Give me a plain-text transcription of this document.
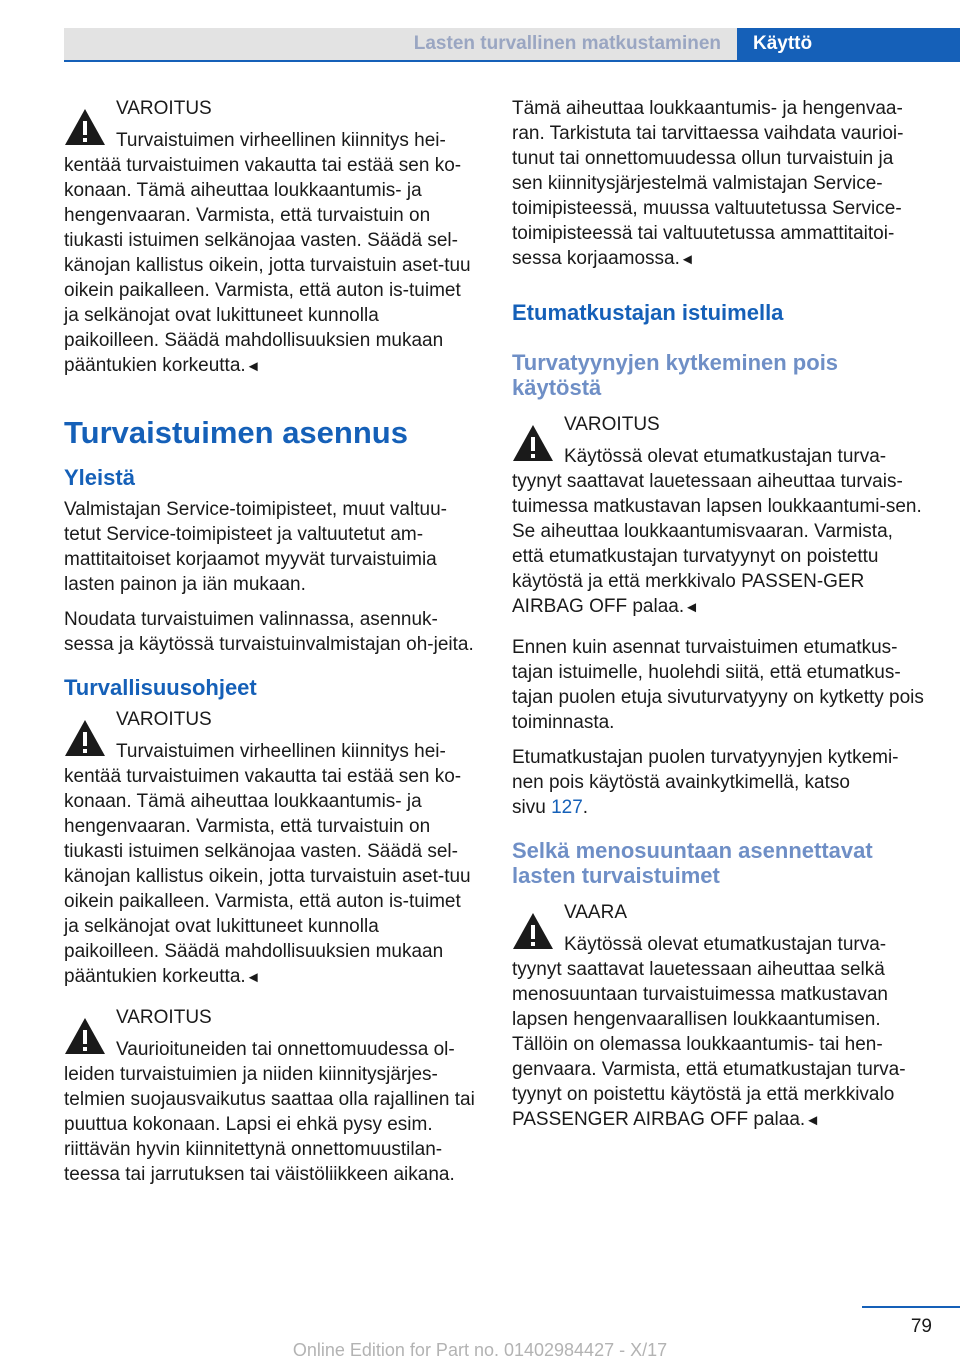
Lasten turvallinen matkustaminen	Käyttö
VAROITUS
Turvaistuimen virheellinen kiinnitys hei-
kentää turvaistuimen vakautta tai estää sen ko-konaan. Tämä aiheuttaa loukkaantumis- ja hengenvaaran. Varmista, että turvaistuin on tiukasti istuimen selkänojaa vasten. Säädä sel-känojan kallistus oikein, jotta turvaistuin aset-tuu oikein paikalleen. Varmista, että auton is-tuimet ja selkänojat ovat lukittuneet kunnolla paikoilleen. Säädä mahdollisuuksien mukaan pääntukien korkeutta.◄
Turvaistuimen asennus
Yleistä

Valmistajan Service-toimipisteet, muut valtuu-tetut Service-toimipisteet ja valtuutetut am-mattitaitoiset korjaamot myyvät turvaistuimia lasten painon ja iän mukaan.

Noudata turvaistuimen valinnassa, asennuk-sessa ja käytössä turvaistuinvalmistajan oh-jeita.

Turvallisuusohjeet
VAROITUS
Turvaistuimen virheellinen kiinnitys hei-
kentää turvaistuimen vakautta tai estää sen ko-konaan. Tämä aiheuttaa loukkaantumis- ja hengenvaaran. Varmista, että turvaistuin on tiukasti istuimen selkänojaa vasten. Säädä sel-känojan kallistus oikein, jotta turvaistuin aset-tuu oikein paikalleen. Varmista, että auton is-tuimet ja selkänojat ovat lukittuneet kunnolla paikoilleen. Säädä mahdollisuuksien mukaan pääntukien korkeutta.◄
VAROITUS
Vaurioituneiden tai onnettomuudessa ol-
leiden turvaistuimien ja niiden kiinnitysjärjes-telmien suojausvaikutus saattaa olla rajallinen tai puuttua kokonaan. Lapsi ei ehkä pysy esim. riittävän hyvin kiinnitettynä onnettomuustilan-teessa tai jarrutuksen tai väistöliikkeen aikana.

Tämä aiheuttaa loukkaantumis- ja hengenvaa-ran. Tarkistuta tai tarvittaessa vaihdata vaurioi-tunut tai onnettomuudessa ollun turvaistuin ja sen kiinnitysjärjestelmä valmistajan Service-toimipisteessä, muussa valtuutetussa Service-toimipisteessä tai valtuutetussa ammattitaitoi-sessa korjaamossa.◄

Etumatkustajan istuimella
Turvatyynyjen kytkeminen pois käytöstä
VAROITUS
Käytössä olevat etumatkustajan turva-
tyynyt saattavat lauetessaan aiheuttaa turvais-tuimessa matkustavan lapsen loukkaantumi-sen. Se aiheuttaa loukkaantumisvaaran. Varmista, että etumatkustajan turvatyynyt on poistettu käytöstä ja että merkkivalo PASSEN-GER AIRBAG OFF palaa.◄

Ennen kuin asennat turvaistuimen etumatkus-tajan istuimelle, huolehdi siitä, että etumatkus-tajan puolen etuja sivuturvatyyny on kytketty pois toiminnasta.

Etumatkustajan puolen turvatyynyjen kytkemi-nen pois käytöstä avainkytkimellä, katso
sivu 127.

Selkä menosuuntaan asennettavat lasten turvaistuimet
VAARA
Käytössä olevat etumatkustajan turva-
tyynyt saattavat lauetessaan aiheuttaa selkä menosuuntaan turvaistuimessa matkustavan lapsen hengenvaarallisen loukkaantumisen. Tällöin on olemassa loukkaantumis- tai hen-genvaara. Varmista, että etumatkustajan turva-tyynyt on poistettu käytöstä ja että merkkivalo PASSENGER AIRBAG OFF palaa.◄
79
Online Edition for Part no. 01402984427 - X/17
